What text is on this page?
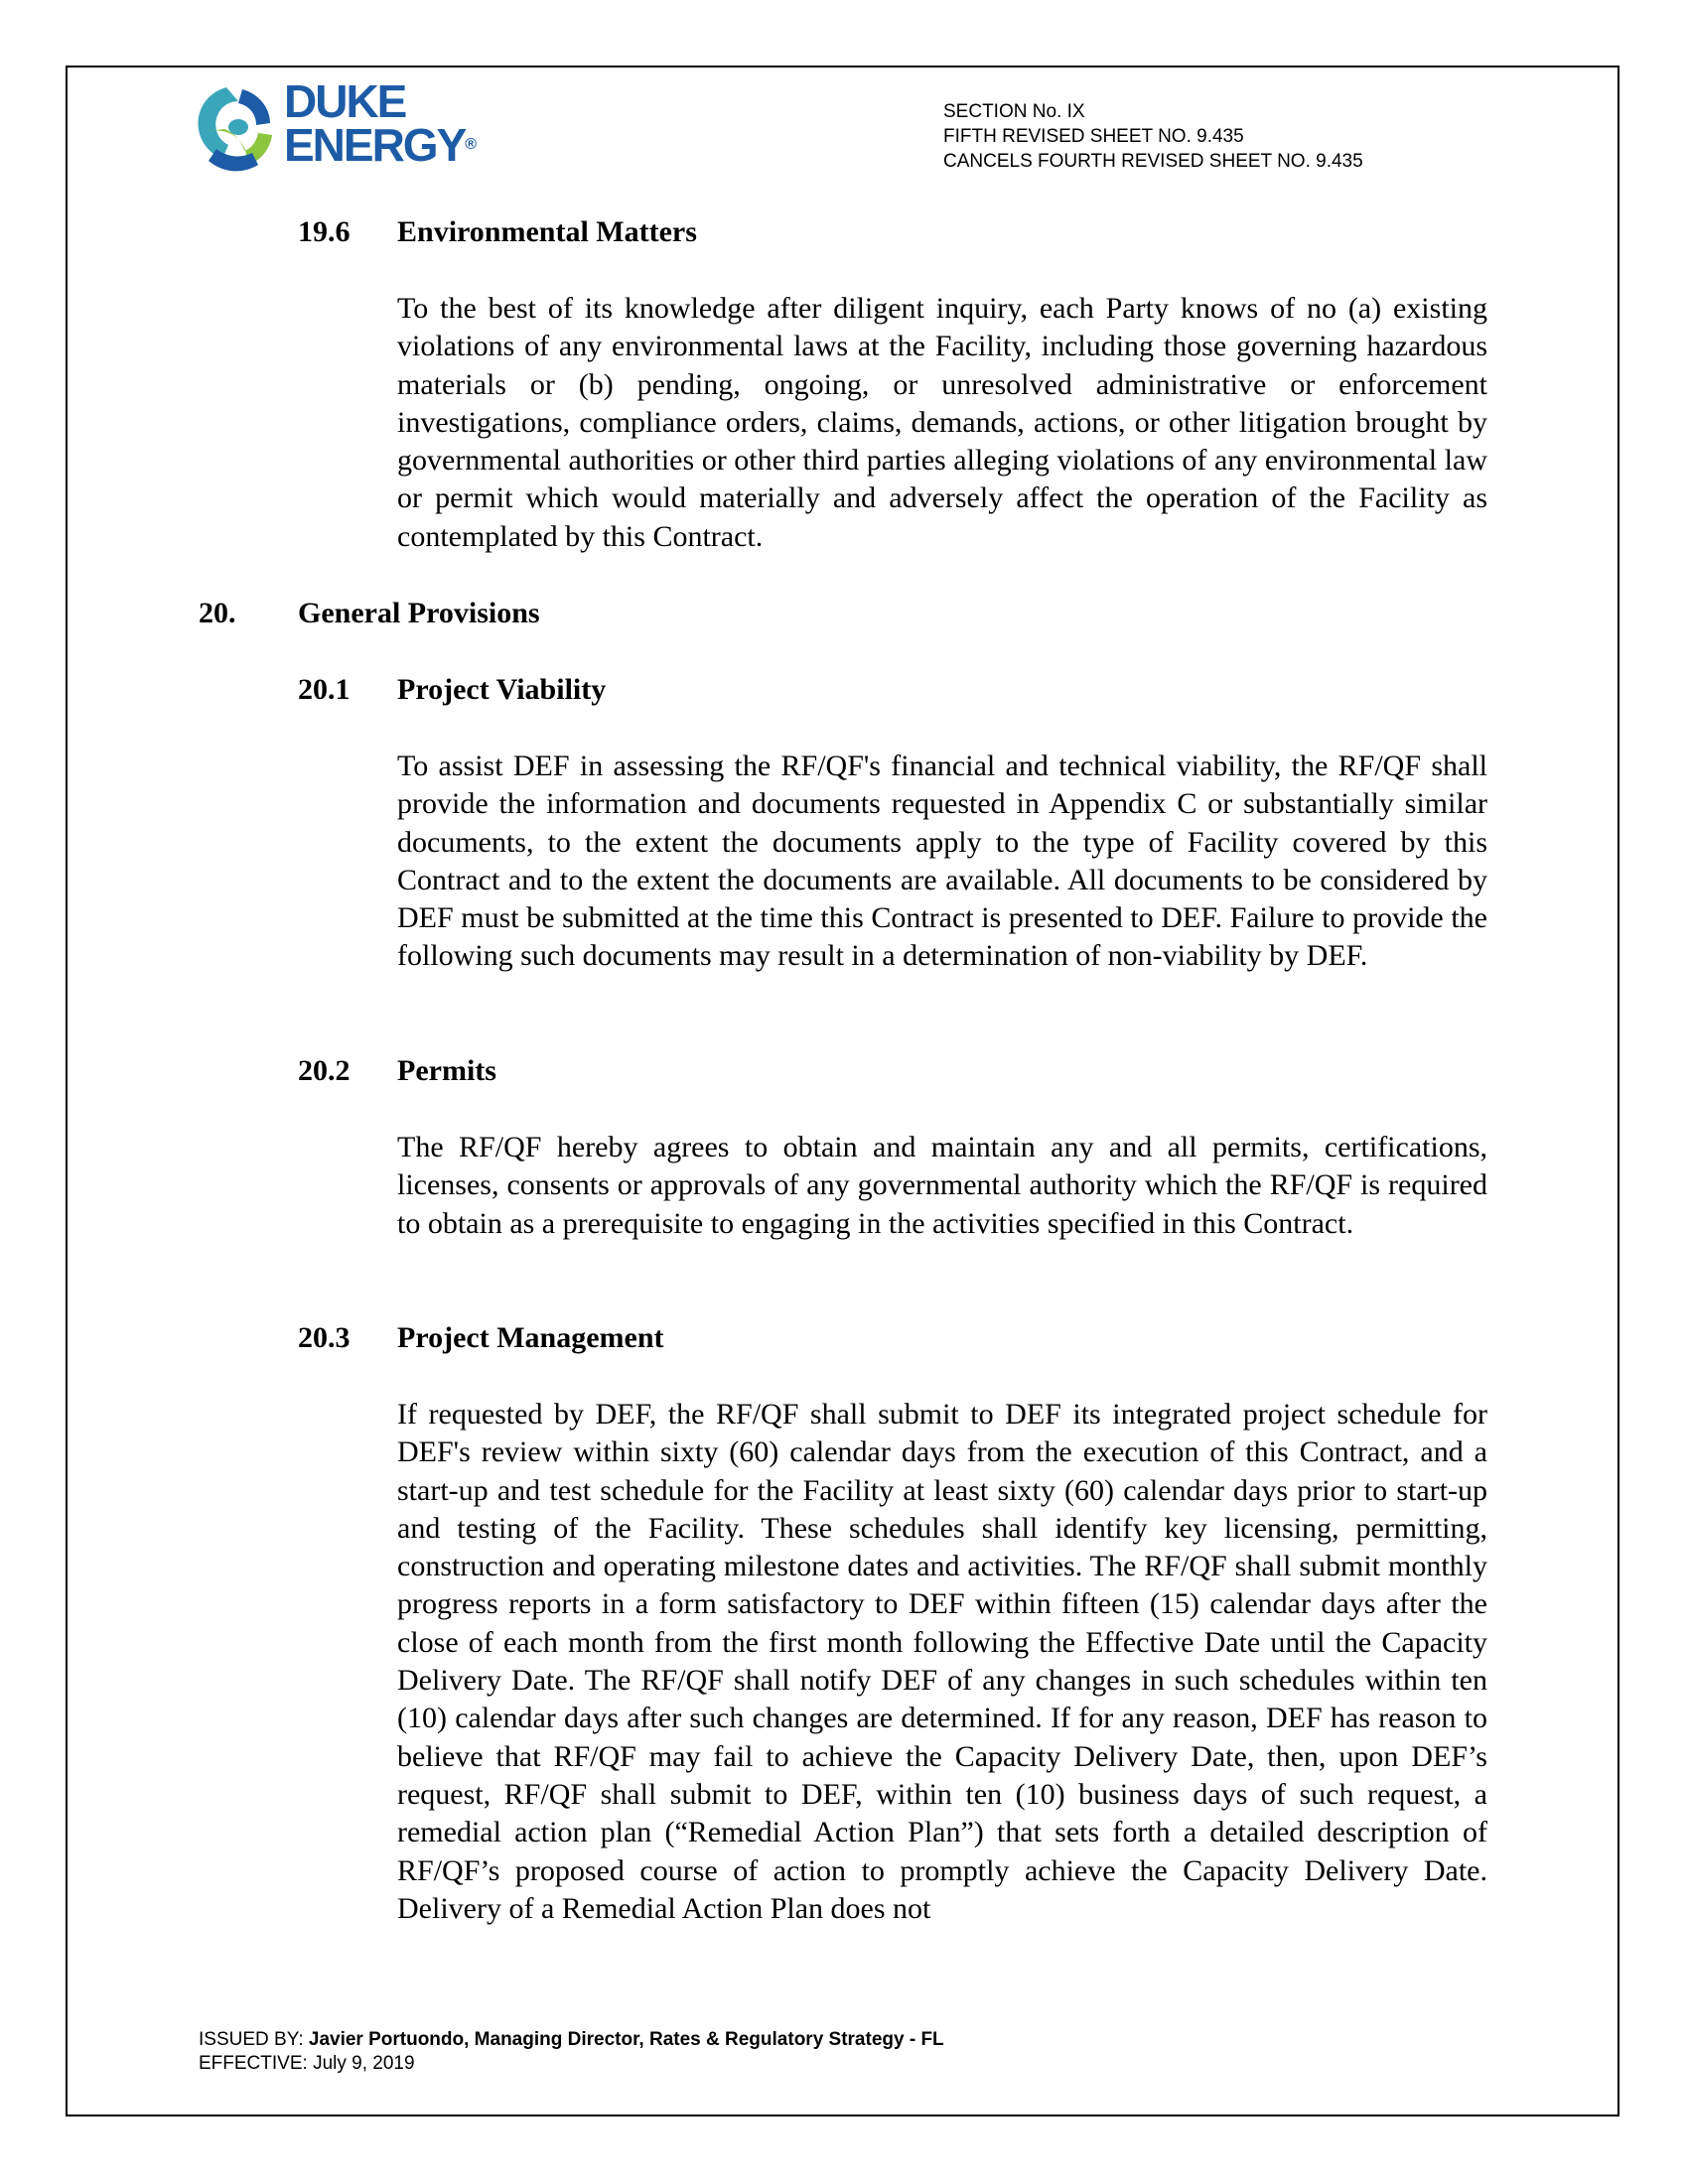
DUKE
ENERGY®
SECTION No. IX
FIFTH REVISED SHEET NO. 9.435
CANCELS FOURTH REVISED SHEET NO. 9.435
19.6 Environmental Matters

To the best of its knowledge after diligent inquiry, each Party knows of no (a) existing violations of any environmental laws at the Facility, including those governing hazardous materials or (b) pending, ongoing, or unresolved administrative or enforcement investigations, compliance orders, claims, demands, actions, or other litigation brought by governmental authorities or other third parties alleging violations of any environmental law or permit which would materially and adversely affect the operation of the Facility as contemplated by this Contract.

20. General Provisions
20.1 Project Viability

To assist DEF in assessing the RF/QF's financial and technical viability, the RF/QF shall provide the information and documents requested in Appendix C or substantially similar documents, to the extent the documents apply to the type of Facility covered by this Contract and to the extent the documents are available. All documents to be considered by DEF must be submitted at the time this Contract is presented to DEF. Failure to provide the following such documents may result in a determination of non-viability by DEF.

20.2 Permits

The RF/QF hereby agrees to obtain and maintain any and all permits, certifications, licenses, consents or approvals of any governmental authority which the RF/QF is required to obtain as a prerequisite to engaging in the activities specified in this Contract.

20.3 Project Management

If requested by DEF, the RF/QF shall submit to DEF its integrated project schedule for DEF's review within sixty (60) calendar days from the execution of this Contract, and a start-up and test schedule for the Facility at least sixty (60) calendar days prior to start-up and testing of the Facility. These schedules shall identify key licensing, permitting, construction and operating milestone dates and activities. The RF/QF shall submit monthly progress reports in a form satisfactory to DEF within fifteen (15) calendar days after the close of each month from the first month following the Effective Date until the Capacity Delivery Date. The RF/QF shall notify DEF of any changes in such schedules within ten (10) calendar days after such changes are determined. If for any reason, DEF has reason to believe that RF/QF may fail to achieve the Capacity Delivery Date, then, upon DEF’s request, RF/QF shall submit to DEF, within ten (10) business days of such request, a remedial action plan (“Remedial Action Plan”) that sets forth a detailed description of RF/QF’s proposed course of action to promptly achieve the Capacity Delivery Date. Delivery of a Remedial Action Plan does not

ISSUED BY: Javier Portuondo, Managing Director, Rates & Regulatory Strategy - FL
EFFECTIVE: July 9, 2019
